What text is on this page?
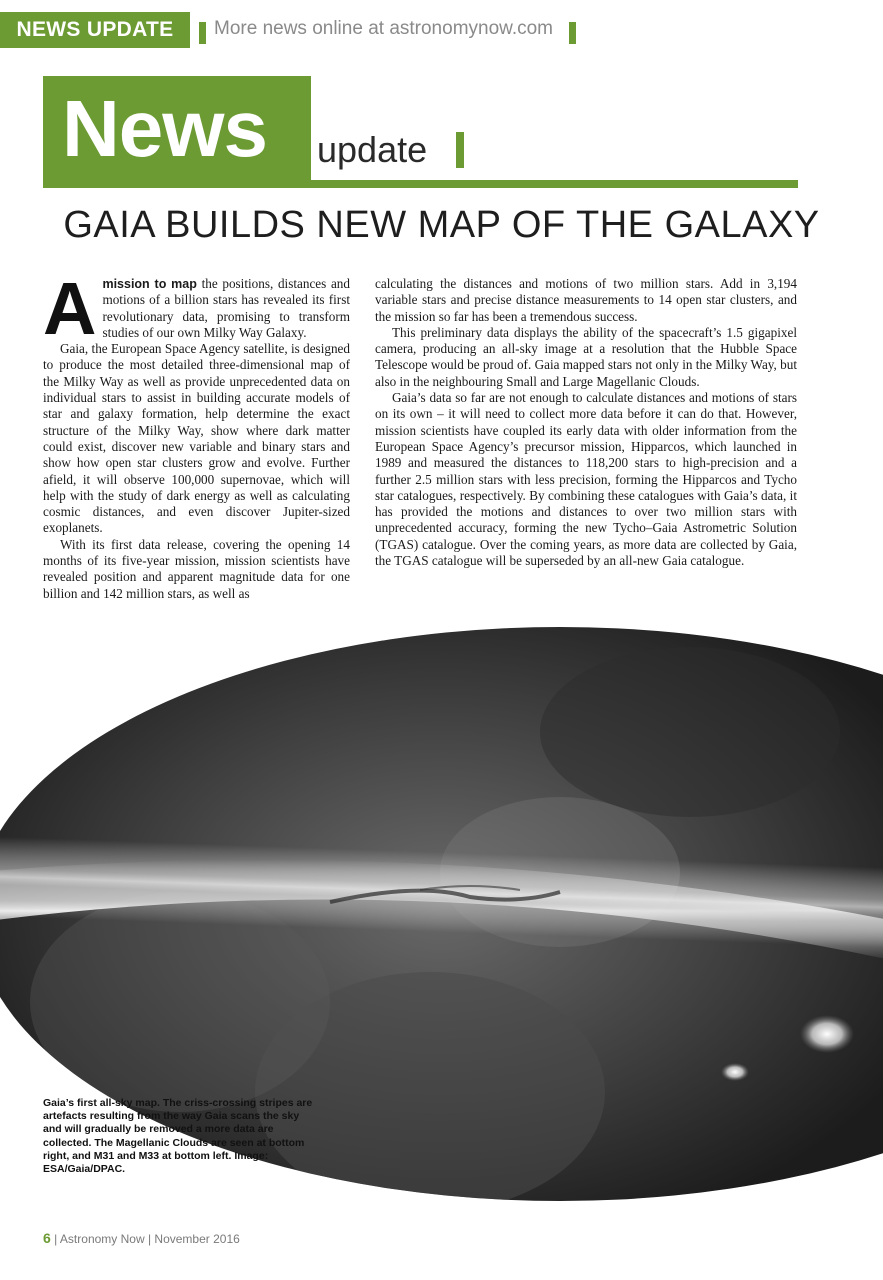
NEWS UPDATE	More news online at astronomynow.com
News update
GAIA BUILDS NEW MAP OF THE GALAXY

Amission to map the positions, distances and motions of a billion stars has revealed its first revolutionary data, promising to transform studies of our own Milky Way Galaxy.

Gaia, the European Space Agency satellite, is designed to produce the most detailed three-dimensional map of the Milky Way as well as provide unprecedented data on individual stars to assist in building accurate models of star and galaxy formation, help determine the exact structure of the Milky Way, show where dark matter could exist, discover new variable and binary stars and show how open star clusters grow and evolve. Further afield, it will observe 100,000 supernovae, which will help with the study of dark energy as well as calculating cosmic distances, and even discover Jupiter-sized exoplanets.

With its first data release, covering the opening 14 months of its five-year mission, mission scientists have revealed position and apparent magnitude data for one billion and 142 million stars, as well as

calculating the distances and motions of two million stars. Add in 3,194 variable stars and precise distance measurements to 14 open star clusters, and the mission so far has been a tremendous success.

This preliminary data displays the ability of the spacecraft’s 1.5 gigapixel camera, producing an all-sky image at a resolution that the Hubble Space Telescope would be proud of. Gaia mapped stars not only in the Milky Way, but also in the neighbouring Small and Large Magellanic Clouds.

Gaia’s data so far are not enough to calculate distances and motions of stars on its own – it will need to collect more data before it can do that. However, mission scientists have coupled its early data with older information from the European Space Agency’s precursor mission, Hipparcos, which launched in 1989 and measured the distances to 118,200 stars to high-precision and a further 2.5 million stars with less precision, forming the Hipparcos and Tycho star catalogues, respectively. By combining these catalogues with Gaia’s data, it has provided the motions and distances to over two million stars with unprecedented accuracy, forming the new Tycho–Gaia Astrometric Solution (TGAS) catalogue. Over the coming years, as more data are collected by Gaia, the TGAS catalogue will be superseded by an all-new Gaia catalogue.

Gaia’s first all-sky map. The criss-crossing stripes are artefacts resulting from the way Gaia scans the sky and will gradually be removed a more data are collected. The Magellanic Clouds are seen at bottom right, and M31 and M33 at bottom left. Image: ESA/Gaia/DPAC.
6 | Astronomy Now | November 2016
